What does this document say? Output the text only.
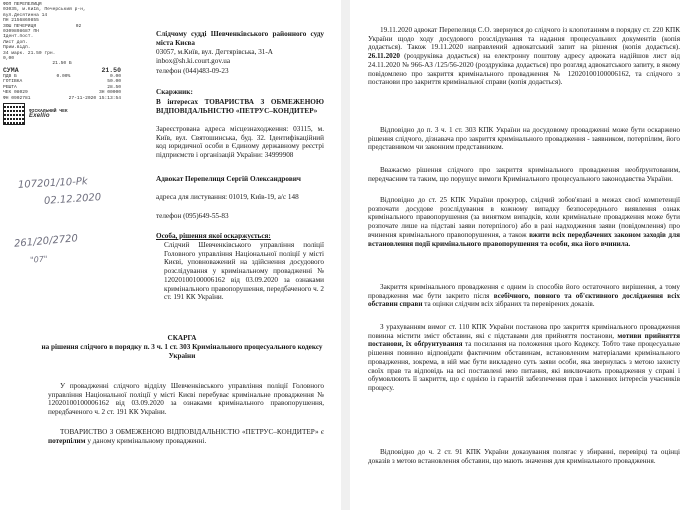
ФОП ПЕРЕПЕЛИЦЯ
03035, м.Київ, Печерський р-н,
вул.Десятинна 14
ПН 2156869855
ЗОШ ПЕЧЕРИЦЯ	02
0309898687 ПН
Ідент.пост.
Лист доп.
Прим.відп.
34 марк. 21.50 грн.
0,00
21.50 Б
СУМА	21.50
ПДВ Б	0.00%	0.00
ГОТІВКА	50.00
РЕШТА	28.50
ЧЕК 08029	ЗН 00000
ФН 0902781	27-11-2020 15:13:54
ФІСКАЛЬНИЙ ЧЕК
Exellio
107201/10-Pk
02.12.2020
261/20/2720
"07"
Слідчому судді Шевченківського районного суду міста Києва
03057, м.Київ, вул. Дегтярівська, 31-А
inbox@sh.ki.court.gov.ua
телефон (044)483-09-23
Скаржник:
В інтересах ТОВАРИСТВА З ОБМЕЖЕНОЮ ВІДПОВІДАЛЬНІСТЮ «ПЕТРУС–КОНДИТЕР»
Зареєстрована адреса місцезнаходження: 03115, м. Київ, вул. Святошинська, буд. 32. Ідентифікаційний код юридичної особи в Єдиному державному реєстрі підприємств і організацій України: 34999908
Адвокат Перепелиця Сергій Олександрович
адреса для листування: 01019, Київ-19, а/с 148
телефон (095)649-55-83
Особа, рішення якої оскаржується:
Слідчий Шевченківського управління поліції Головного управління Національної поліції у місті Києві, уповноважений на здійснення досудового розслідування у кримінальному провадженні № 12020100100006162 від 03.09.2020 за ознаками кримінального правопорушення, передбаченого ч. 2 ст. 191 КК України.
СКАРГА
на рішення слідчого в порядку п. 3 ч. 1 ст. 303 Кримінального процесуального кодексу України
У провадженні слідчого відділу Шевченківського управління поліції Головного управління Національної поліції у місті Києві перебуває кримінальне провадження № 12020100100006162 від 03.09.2020 за ознаками кримінального правопорушення, передбаченого ч. 2 ст. 191 КК України.
ТОВАРИСТВО З ОБМЕЖЕНОЮ ВІДПОВІДАЛЬНІСТЮ «ПЕТРУС–КОНДИТЕР» є потерпілим у даному кримінальному провадженні.
19.11.2020 адвокат Перепелиця С.О. звернувся до слідчого із клопотанням в порядку ст. 220 КПК України щодо ходу досудового розслідування та надання процесуальних документів (копія додається). Також 19.11.2020 направлений адвокатський запит на рішення (копія додається). 26.11.2020 (роздруківка додається) на електронну поштову адресу адвоката надійшов лист від 24.11.2020 № 966-АЗ /125/56-2020 (роздруківка додається) про розгляд адвокатського запиту, в якому повідомлено про закриття кримінального провадження № 12020100100006162, та слідчого з постанови про закриття кримінальної справи (копія додається).
Відповідно до п. 3 ч. 1 ст. 303 КПК України на досудовому провадженні може бути оскаржено рішення слідчого, дізнавача про закриття кримінального провадження - заявником, потерпілим, його представником чи законним представником.
Вважаємо рішення слідчого про закриття кримінального провадження необґрунтованим, передчасним та таким, що порушує вимоги Кримінального процесуального законодавства України.
Відповідно до ст. 25 КПК України прокурор, слідчий зобов'язані в межах своєї компетенції розпочати досудове розслідування в кожному випадку безпосереднього виявлення ознак кримінального правопорушення (за винятком випадків, коли кримінальне провадження може бути розпочате лише на підставі заяви потерпілого) або в разі надходження заяви (повідомлення) про вчинення кримінального правопорушення, а також вжити всіх передбачених законом заходів для встановлення події кримінального правопорушення та особи, яка його вчинила.
Закриття кримінального провадження є одним із способів його остаточного вирішення, а тому провадження має бути закрито після всебічного, повного та об'єктивного дослідження всіх обставин справи та оцінки слідчим всіх зібраних та перевірених доказів.
З урахуванням вимог ст. 110 КПК України постанова про закриття кримінального провадження повинна містити зміст обставин, які є підставами для прийняття постанови, мотиви прийняття постанови, їх обґрунтування та посилання на положення цього Кодексу. Тобто таке процесуальне рішення повинно відповідати фактичним обставинам, встановленим матеріалами кримінального провадження, зокрема, в ній має бути викладено суть заяви особи, яка звернулась з метою захисту своїх прав та відповідь на всі поставлені нею питання, які виключають провадження у справі і обумовлюють її закриття, що є однією із гарантій забезпечення прав і законних інтересів учасників процесу.
Відповідно до ч. 2 ст. 91 КПК України доказування полягає у збиранні, перевірці та оцінці доказів з метою встановлення обставин, що мають значення для кримінального провадження.
